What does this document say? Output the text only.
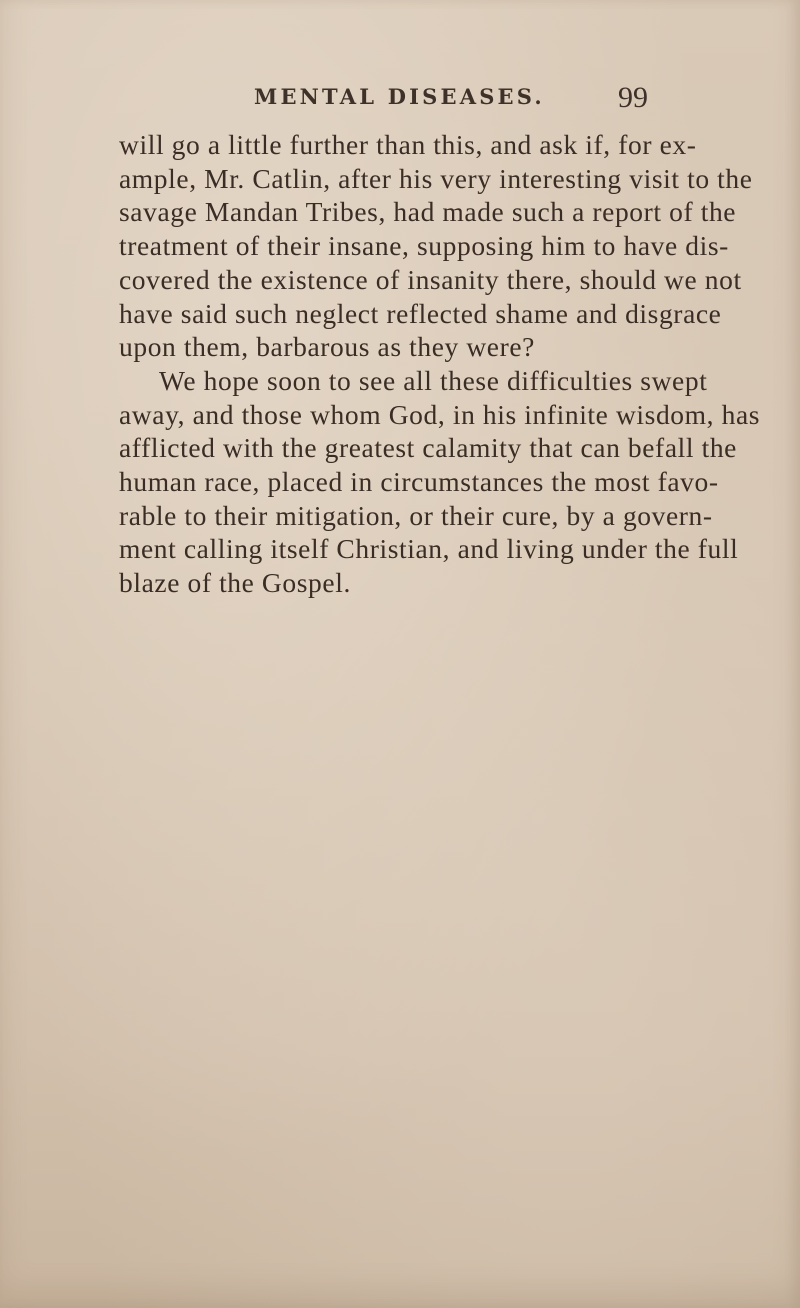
MENTAL DISEASES. 99
will go a little further than this, and ask if, for ex-
ample, Mr. Catlin, after his very interesting visit to the
savage Mandan Tribes, had made such a report of the
treatment of their insane, supposing him to have dis-
covered the existence of insanity there, should we not
have said such neglect reflected shame and disgrace
upon them, barbarous as they were?
We hope soon to see all these difficulties swept
away, and those whom God, in his infinite wisdom, has
afflicted with the greatest calamity that can befall the
human race, placed in circumstances the most favo-
rable to their mitigation, or their cure, by a govern-
ment calling itself Christian, and living under the full
blaze of the Gospel.
